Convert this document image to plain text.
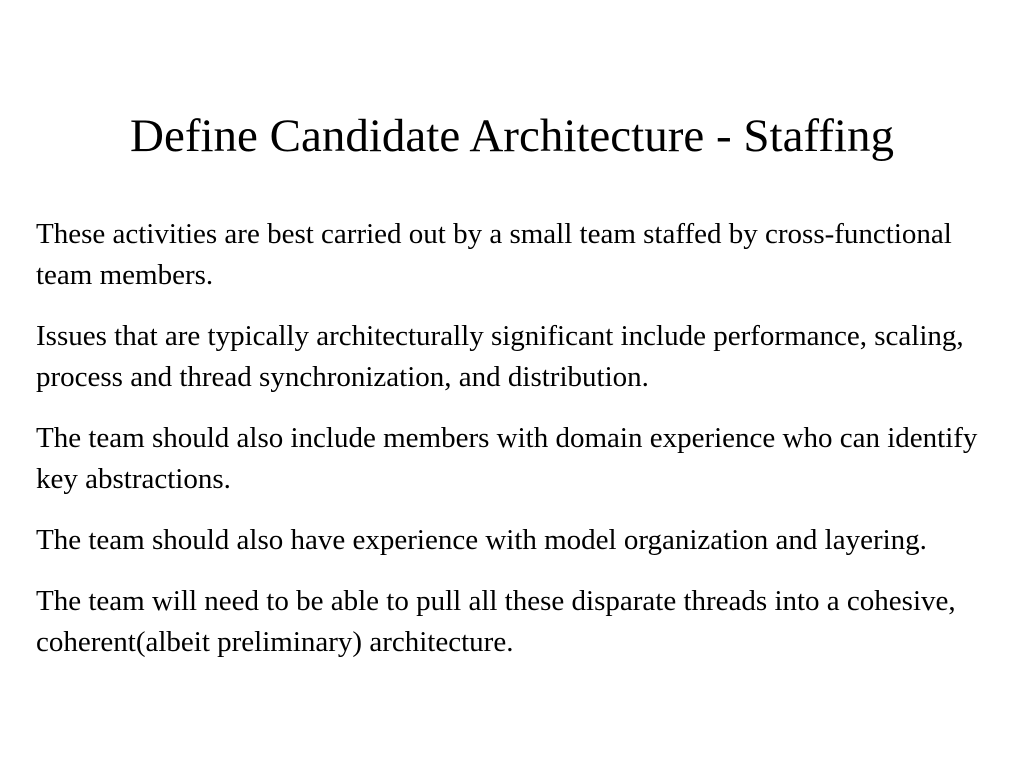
Define Candidate Architecture - Staffing

These activities are best carried out by a small team staffed by cross-functional team members.

Issues that are typically architecturally significant include performance, scaling, process and thread synchronization, and distribution.

The team should also include members with domain experience who can identify key abstractions.

The team should also have experience with model organization and layering.

The team will need to be able to pull all these disparate threads into a cohesive, coherent(albeit preliminary) architecture.
